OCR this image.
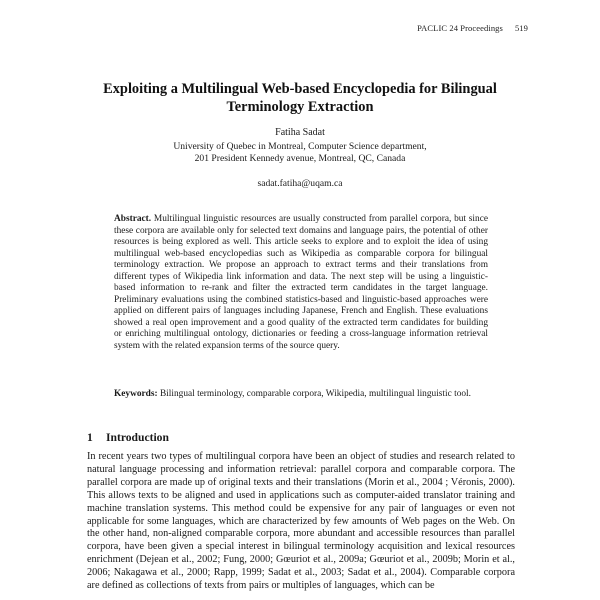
PACLIC 24 Proceedings 519
Exploiting a Multilingual Web-based Encyclopedia for Bilingual Terminology Extraction
Fatiha Sadat
University of Quebec in Montreal, Computer Science department,
201 President Kennedy avenue, Montreal, QC, Canada
sadat.fatiha@uqam.ca
Abstract. Multilingual linguistic resources are usually constructed from parallel corpora, but since these corpora are available only for selected text domains and language pairs, the potential of other resources is being explored as well. This article seeks to explore and to exploit the idea of using multilingual web-based encyclopedias such as Wikipedia as comparable corpora for bilingual terminology extraction. We propose an approach to extract terms and their translations from different types of Wikipedia link information and data. The next step will be using a linguistic-based information to re-rank and filter the extracted term candidates in the target language. Preliminary evaluations using the combined statistics-based and linguistic-based approaches were applied on different pairs of languages including Japanese, French and English. These evaluations showed a real open improvement and a good quality of the extracted term candidates for building or enriching multilingual ontology, dictionaries or feeding a cross-language information retrieval system with the related expansion terms of the source query.
Keywords: Bilingual terminology, comparable corpora, Wikipedia, multilingual linguistic tool.
1 Introduction
In recent years two types of multilingual corpora have been an object of studies and research related to natural language processing and information retrieval: parallel corpora and comparable corpora. The parallel corpora are made up of original texts and their translations (Morin et al., 2004 ; Véronis, 2000). This allows texts to be aligned and used in applications such as computer-aided translator training and machine translation systems. This method could be expensive for any pair of languages or even not applicable for some languages, which are characterized by few amounts of Web pages on the Web. On the other hand, non-aligned comparable corpora, more abundant and accessible resources than parallel corpora, have been given a special interest in bilingual terminology acquisition and lexical resources enrichment (Dejean et al., 2002; Fung, 2000; Gœuriot et al., 2009a; Gœuriot et al., 2009b; Morin et al., 2006; Nakagawa et al., 2000; Rapp, 1999; Sadat et al., 2003; Sadat et al., 2004). Comparable corpora are defined as collections of texts from pairs or multiples of languages, which can be
